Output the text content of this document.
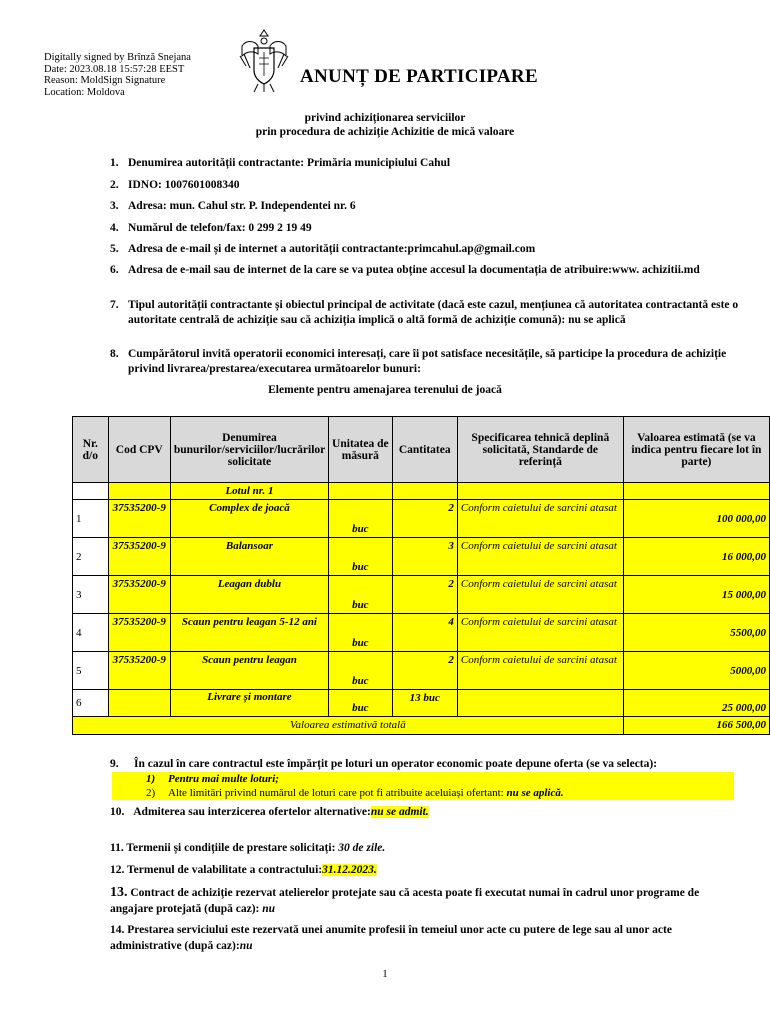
Digitally signed by Brînză Snejana
Date: 2023.08.18 15:57:28 EEST
Reason: MoldSign Signature
Location: Moldova
ANUNȚ DE PARTICIPARE
privind achiziționarea serviciilor
prin procedura de achiziție Achizitie de mică valoare
1. Denumirea autorității contractante: Primăria municipiului Cahul
2. IDNO: 1007601008340
3. Adresa: mun. Cahul str. P. Independentei nr. 6
4. Numărul de telefon/fax: 0 299 2 19 49
5. Adresa de e-mail și de internet a autorității contractante:primcahul.ap@gmail.com
6. Adresa de e-mail sau de internet de la care se va putea obține accesul la documentația de atribuire:www. achizitii.md
7. Tipul autorității contractante și obiectul principal de activitate (dacă este cazul, mențiunea că autoritatea contractantă este o autoritate centrală de achiziție sau că achiziția implică o altă formă de achiziție comună): nu se aplică
8. Cumpărătorul invită operatorii economici interesați, care îi pot satisface necesitățile, să participe la procedura de achiziție privind livrarea/prestarea/executarea următoarelor bunuri:
Elemente pentru amenajarea terenului de joacă
Nr. d/o	Cod CPV	Denumirea bunurilor/serviciilor/lucrărilor solicitate	Unitatea de măsură	Cantitatea	Specificarea tehnică deplină solicitată, Standarde de referință	Valoarea estimată (se va indica pentru fiecare lot în parte)
		Lotul nr. 1				
1	37535200-9	Complex de joacă	buc	2	Conform caietului de sarcini atasat	100 000,00
2	37535200-9	Balansoar	buc	3	Conform caietului de sarcini atasat	16 000,00
3	37535200-9	Leagan dublu	buc	2	Conform caietului de sarcini atasat	15 000,00
4	37535200-9	Scaun pentru leagan 5-12 ani	buc	4	Conform caietului de sarcini atasat	5500,00
5	37535200-9	Scaun pentru leagan	buc	2	Conform caietului de sarcini atasat	5000,00
6		Livrare și montare	buc	13 buc		25 000,00
Valoarea estimativă totală						166 500,00
9. În cazul în care contractul este împărțit pe loturi un operator economic poate depune oferta (se va selecta):
1) Pentru mai multe loturi;
2) Alte limitări privind numărul de loturi care pot fi atribuite aceluiași ofertant: nu se aplică.
10. Admiterea sau interzicerea ofertelor alternative:nu se admit.
11. Termenii și condițiile de prestare solicitați: 30 de zile.
12. Termenul de valabilitate a contractului:31.12.2023.
13. Contract de achiziție rezervat atelierelor protejate sau că acesta poate fi executat numai în cadrul unor programe de angajare protejată (după caz): nu
14. Prestarea serviciului este rezervată unei anumite profesii în temeiul unor acte cu putere de lege sau al unor acte administrative (după caz):nu
1
